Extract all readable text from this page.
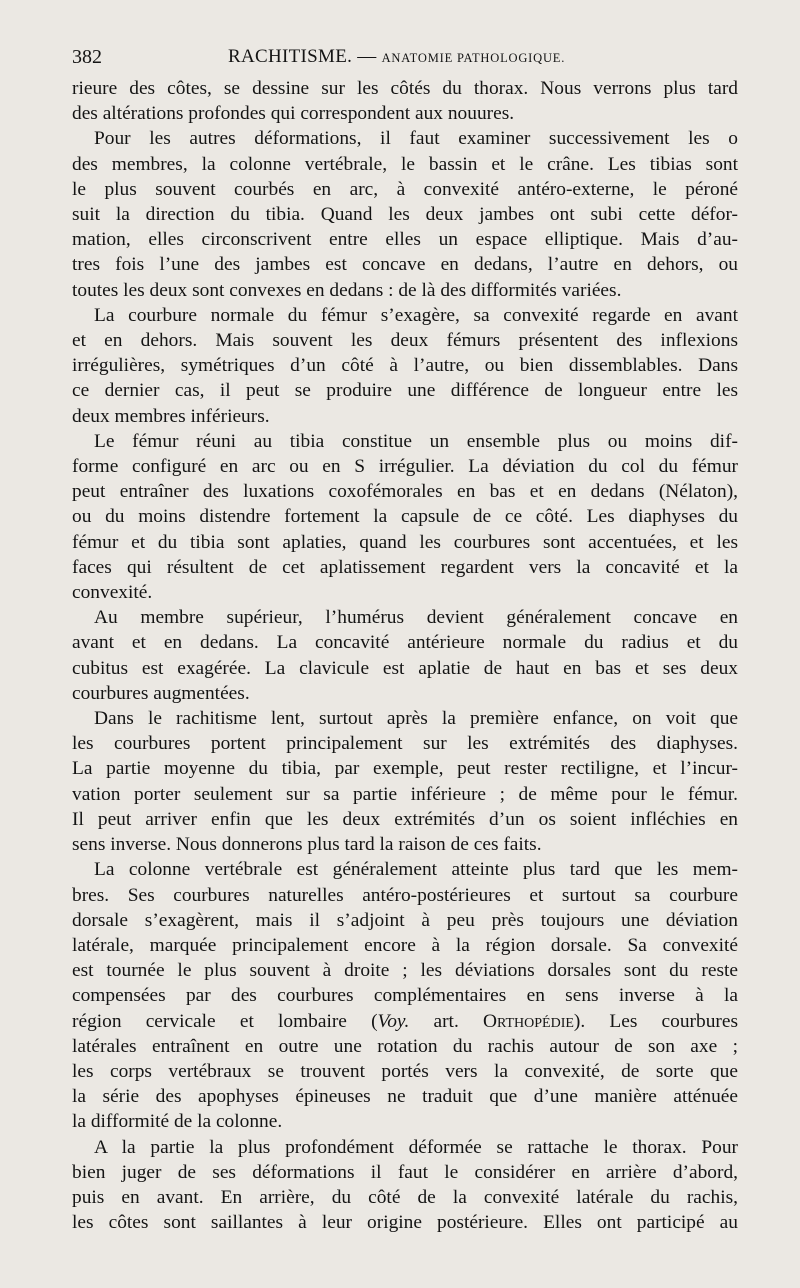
382	RACHITISME. — ANATOMIE PATHOLOGIQUE.

rieure des côtes, se dessine sur les côtés du thorax. Nous verrons plus tard

des altérations profondes qui correspondent aux nouures.

Pour les autres déformations, il faut examiner successivement les o

des membres, la colonne vertébrale, le bassin et le crâne. Les tibias sont

le plus souvent courbés en arc, à convexité antéro-externe, le péroné

suit la direction du tibia. Quand les deux jambes ont subi cette défor-

mation, elles circonscrivent entre elles un espace elliptique. Mais d’au-

tres fois l’une des jambes est concave en dedans, l’autre en dehors, ou

toutes les deux sont convexes en dedans : de là des difformités variées.

La courbure normale du fémur s’exagère, sa convexité regarde en avant

et en dehors. Mais souvent les deux fémurs présentent des inflexions

irrégulières, symétriques d’un côté à l’autre, ou bien dissemblables. Dans

ce dernier cas, il peut se produire une différence de longueur entre les

deux membres inférieurs.

Le fémur réuni au tibia constitue un ensemble plus ou moins dif-

forme configuré en arc ou en S irrégulier. La déviation du col du fémur

peut entraîner des luxations coxofémorales en bas et en dedans (Nélaton),

ou du moins distendre fortement la capsule de ce côté. Les diaphyses du

fémur et du tibia sont aplaties, quand les courbures sont accentuées, et les

faces qui résultent de cet aplatissement regardent vers la concavité et la

convexité.

Au membre supérieur, l’humérus devient généralement concave en

avant et en dedans. La concavité antérieure normale du radius et du

cubitus est exagérée. La clavicule est aplatie de haut en bas et ses deux

courbures augmentées.

Dans le rachitisme lent, surtout après la première enfance, on voit que

les courbures portent principalement sur les extrémités des diaphyses.

La partie moyenne du tibia, par exemple, peut rester rectiligne, et l’incur-

vation porter seulement sur sa partie inférieure ; de même pour le fémur.

Il peut arriver enfin que les deux extrémités d’un os soient infléchies en

sens inverse. Nous donnerons plus tard la raison de ces faits.

La colonne vertébrale est généralement atteinte plus tard que les mem-

bres. Ses courbures naturelles antéro-postérieures et surtout sa courbure

dorsale s’exagèrent, mais il s’adjoint à peu près toujours une déviation

latérale, marquée principalement encore à la région dorsale. Sa convexité

est tournée le plus souvent à droite ; les déviations dorsales sont du reste

compensées par des courbures complémentaires en sens inverse à la

région cervicale et lombaire (Voy. art. Orthopédie). Les courbures

latérales entraînent en outre une rotation du rachis autour de son axe ;

les corps vertébraux se trouvent portés vers la convexité, de sorte que

la série des apophyses épineuses ne traduit que d’une manière atténuée

la difformité de la colonne.

A la partie la plus profondément déformée se rattache le thorax. Pour

bien juger de ses déformations il faut le considérer en arrière d’abord,

puis en avant. En arrière, du côté de la convexité latérale du rachis,

les côtes sont saillantes à leur origine postérieure. Elles ont participé au
